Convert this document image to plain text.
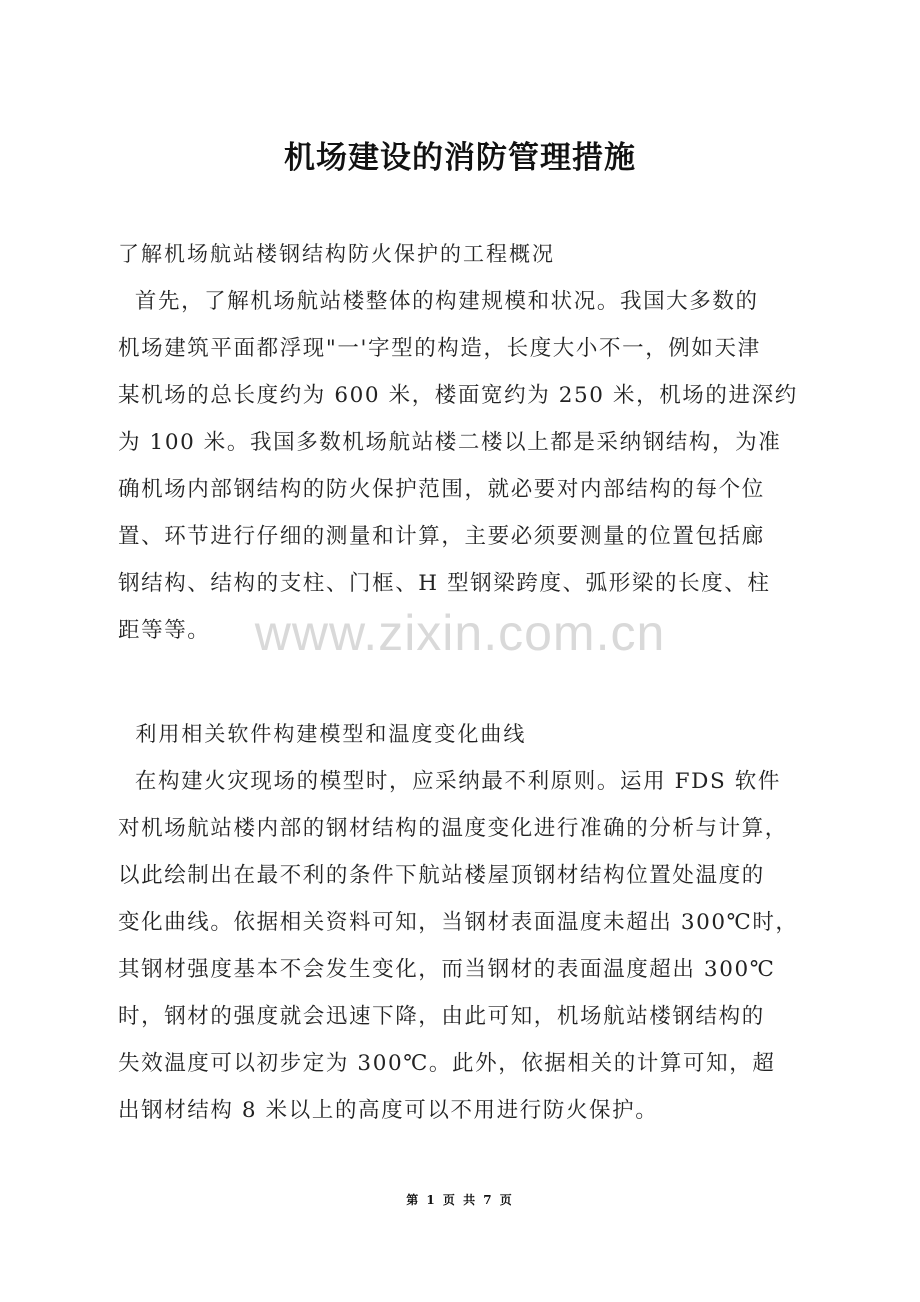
机场建设的消防管理措施
了解机场航站楼钢结构防火保护的工程概况
首先，了解机场航站楼整体的构建规模和状况。我国大多数的
机场建筑平面都浮现"一'字型的构造，长度大小不一，例如天津
某机场的总长度约为 600 米，楼面宽约为 250 米，机场的进深约
为 100 米。我国多数机场航站楼二楼以上都是采纳钢结构，为准
确机场内部钢结构的防火保护范围，就必要对内部结构的每个位
置、环节进行仔细的测量和计算，主要必须要测量的位置包括廊
钢结构、结构的支柱、门框、H 型钢梁跨度、弧形梁的长度、柱
距等等。
利用相关软件构建模型和温度变化曲线
在构建火灾现场的模型时，应采纳最不利原则。运用 FDS 软件
对机场航站楼内部的钢材结构的温度变化进行准确的分析与计算，
以此绘制出在最不利的条件下航站楼屋顶钢材结构位置处温度的
变化曲线。依据相关资料可知，当钢材表面温度未超出 300℃时，
其钢材强度基本不会发生变化，而当钢材的表面温度超出 300℃
时，钢材的强度就会迅速下降，由此可知，机场航站楼钢结构的
失效温度可以初步定为 300℃。此外，依据相关的计算可知，超
出钢材结构 8 米以上的高度可以不用进行防火保护。
www.zixin.com.cn
第 1 页 共 7 页
